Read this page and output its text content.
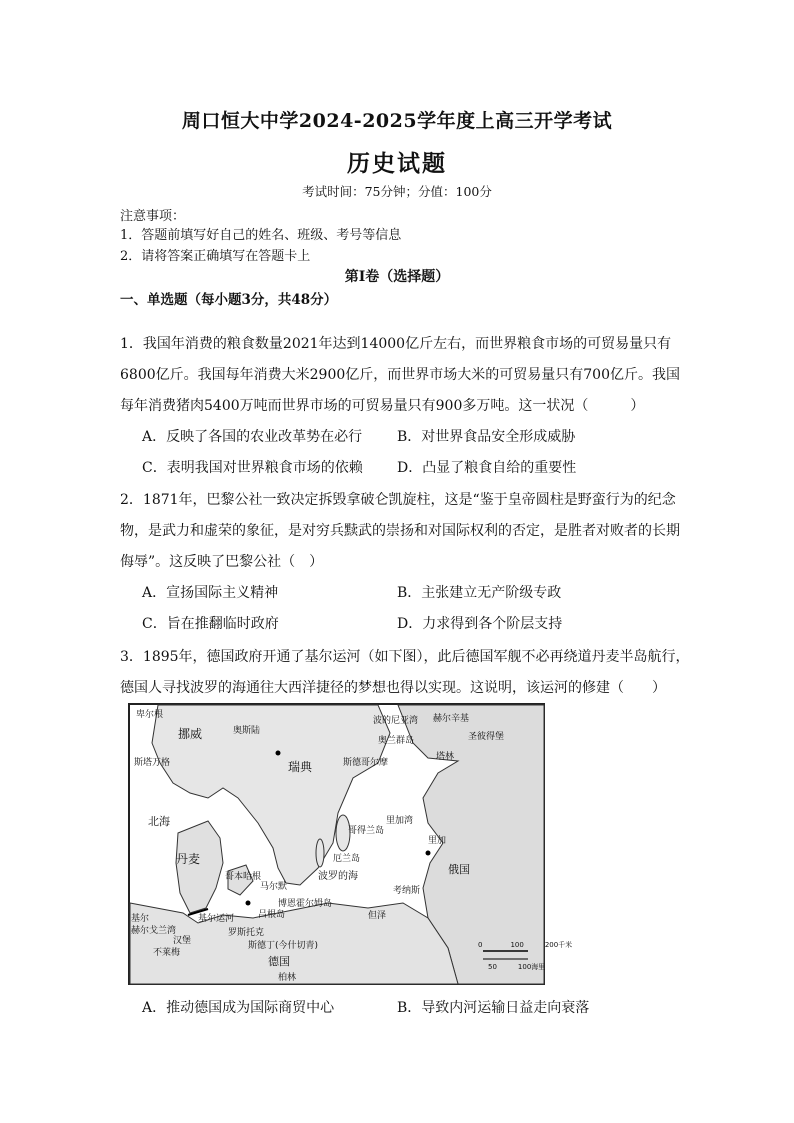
周口恒大中学2024-2025学年度上高三开学考试
历史试题
考试时间：75分钟；分值：100分
注意事项：
1．答题前填写好自己的姓名、班级、考号等信息
2．请将答案正确填写在答题卡上
第Ⅰ卷（选择题）
一、单选题（每小题3分，共48分）
1．我国年消费的粮食数量2021年达到14000亿斤左右，而世界粮食市场的可贸易量只有
6800亿斤。我国每年消费大米2900亿斤，而世界市场大米的可贸易量只有700亿斤。我国
每年消费猪肉5400万吨而世界市场的可贸易量只有900多万吨。这一状况（　　　）
A．反映了各国的农业改革势在必行 B．对世界食品安全形成威胁
C．表明我国对世界粮食市场的依赖 D．凸显了粮食自给的重要性
2．1871年，巴黎公社一致决定拆毁拿破仑凯旋柱，这是“鉴于皇帝圆柱是野蛮行为的纪念
物，是武力和虚荣的象征，是对穷兵黩武的崇扬和对国际权利的否定，是胜者对败者的长期
侮辱”。这反映了巴黎公社（　）
A．宣扬国际主义精神	B．主张建立无产阶级专政
C．旨在推翻临时政府	D．力求得到各个阶层支持
3．1895年，德国政府开通了基尔运河（如下图），此后德国军舰不必再绕道丹麦半岛航行，
德国人寻找波罗的海通往大西洋捷径的梦想也得以实现。这说明，该运河的修建（　　）
卑尔根
挪威	奥斯陆
斯塔万格	瑞典
北海
丹麦
哥本哈根
马尔默
博恩霍尔姆岛
波罗的海
厄兰岛
哥得兰岛
波的尼亚湾
奥兰群岛
斯德哥尔摩
赫尔辛基
圣彼得堡
塔林
里加湾
里加
俄国
考纳斯
但泽
基尔
赫尔戈兰湾
基尔运河
罗斯托克
吕根岛
斯德丁(今什切青)
不莱梅
汉堡
德国
柏林
0　　　　100　　　200千米
50　　　100海里
A．推动德国成为国际商贸中心	B．导致内河运输日益走向衰落
